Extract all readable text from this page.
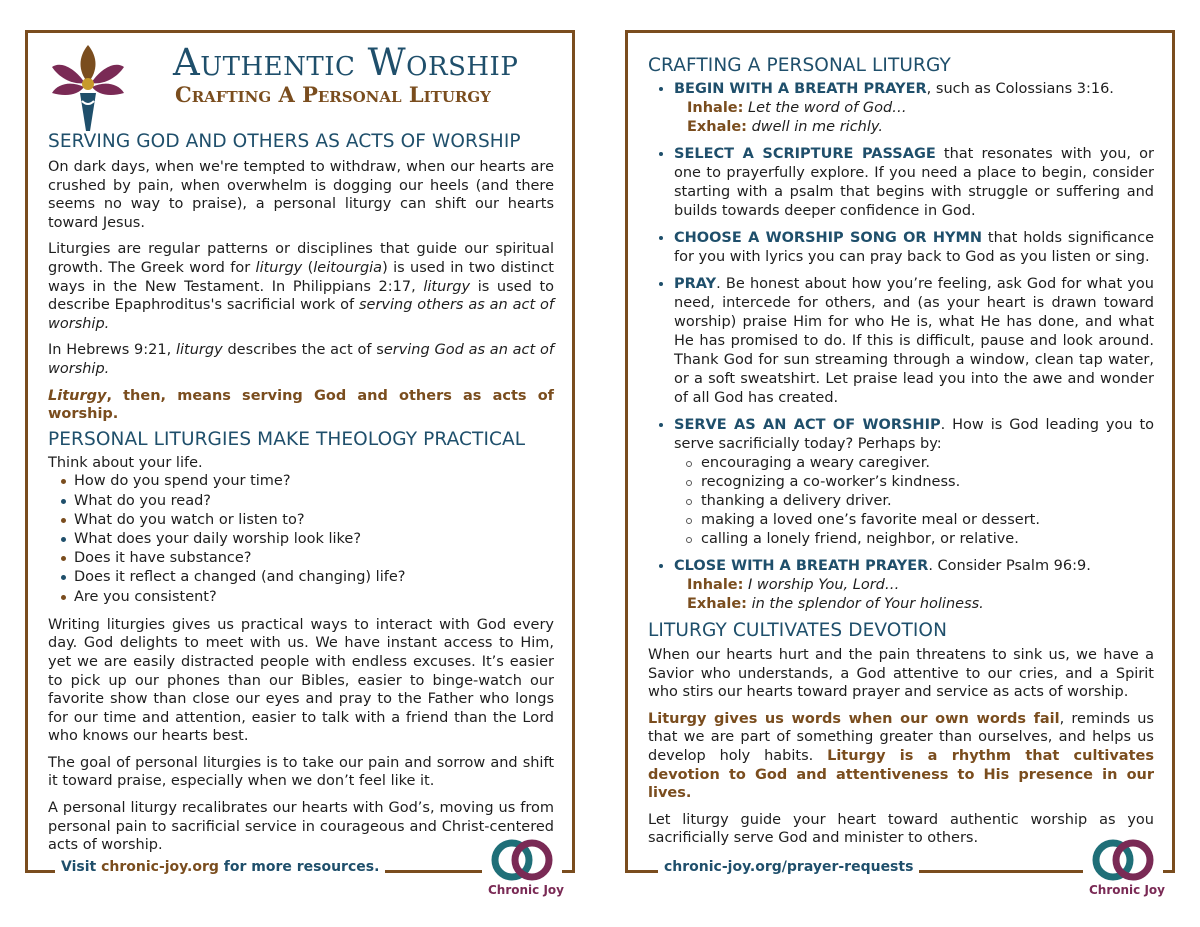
Authentic Worship
Crafting A Personal Liturgy
SERVING GOD AND OTHERS AS ACTS OF WORSHIP

On dark days, when we're tempted to withdraw, when our hearts are crushed by pain, when overwhelm is dogging our heels (and there seems no way to praise), a personal liturgy can shift our hearts toward Jesus.

Liturgies are regular patterns or disciplines that guide our spiritual growth. The Greek word for liturgy (leitourgia) is used in two distinct ways in the New Testament. In Philippians 2:17, liturgy is used to describe Epaphroditus's sacrificial work of serving others as an act of worship.

In Hebrews 9:21, liturgy describes the act of serving God as an act of worship.

Liturgy, then, means serving God and others as acts of worship.

PERSONAL LITURGIES MAKE THEOLOGY PRACTICAL

Think about your life.

How do you spend your time?
What do you read?
What do you watch or listen to?
What does your daily worship look like?
Does it have substance?
Does it reflect a changed (and changing) life?
Are you consistent?

Writing liturgies gives us practical ways to interact with God every day. God delights to meet with us. We have instant access to Him, yet we are easily distracted people with endless excuses. It’s easier to pick up our phones than our Bibles, easier to binge-watch our favorite show than close our eyes and pray to the Father who longs for our time and attention, easier to talk with a friend than the Lord who knows our hearts best.

The goal of personal liturgies is to take our pain and sorrow and shift it toward praise, especially when we don’t feel like it.

A personal liturgy recalibrates our hearts with God’s, moving us from personal pain to sacrificial service in courageous and Christ-centered acts of worship.

Visit chronic-joy.org for more resources.
Chronic Joy
CRAFTING A PERSONAL LITURGY
BEGIN WITH A BREATH PRAYER, such as Colossians 3:16.
Inhale: Let the word of God…
Exhale: dwell in me richly.
SELECT A SCRIPTURE PASSAGE that resonates with you, or one to prayerfully explore. If you need a place to begin, consider starting with a psalm that begins with struggle or suffering and builds towards deeper confidence in God.
CHOOSE A WORSHIP SONG OR HYMN that holds significance for you with lyrics you can pray back to God as you listen or sing.
PRAY. Be honest about how you’re feeling, ask God for what you need, intercede for others, and (as your heart is drawn toward worship) praise Him for who He is, what He has done, and what He has promised to do. If this is difficult, pause and look around. Thank God for sun streaming through a window, clean tap water, or a soft sweatshirt. Let praise lead you into the awe and wonder of all God has created.
SERVE AS AN ACT OF WORSHIP. How is God leading you to serve sacrificially today? Perhaps by:
encouraging a weary caregiver.
recognizing a co-worker’s kindness.
thanking a delivery driver.
making a loved one’s favorite meal or dessert.
calling a lonely friend, neighbor, or relative.
CLOSE WITH A BREATH PRAYER. Consider Psalm 96:9.
Inhale: I worship You, Lord…
Exhale: in the splendor of Your holiness.
LITURGY CULTIVATES DEVOTION

When our hearts hurt and the pain threatens to sink us, we have a Savior who understands, a God attentive to our cries, and a Spirit who stirs our hearts toward prayer and service as acts of worship.

Liturgy gives us words when our own words fail, reminds us that we are part of something greater than ourselves, and helps us develop holy habits. Liturgy is a rhythm that cultivates devotion to God and attentiveness to His presence in our lives.

Let liturgy guide your heart toward authentic worship as you sacrificially serve God and minister to others.

chronic-joy.org/prayer-requests
Chronic Joy
